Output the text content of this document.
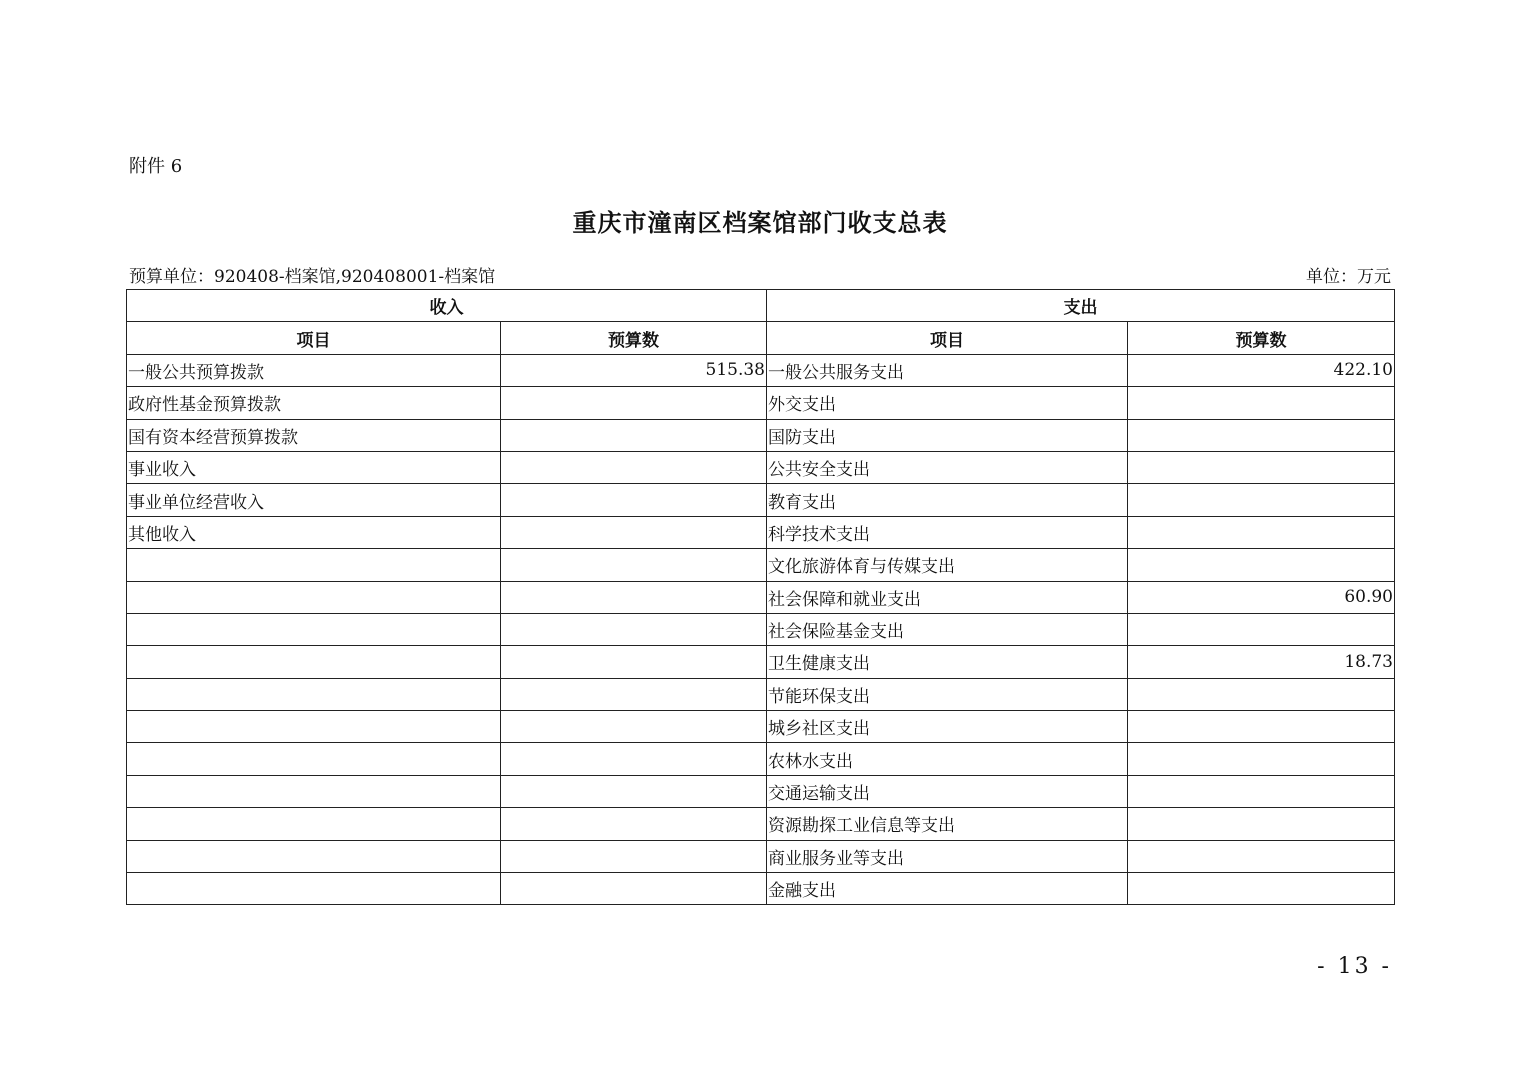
附件 6
重庆市潼南区档案馆部门收支总表
预算单位：920408-档案馆,920408001-档案馆	单位：万元
收入		支出	
项目	预算数	项目	预算数
一般公共预算拨款	515.38	一般公共服务支出	422.10
政府性基金预算拨款		外交支出	
国有资本经营预算拨款		国防支出	
事业收入		公共安全支出	
事业单位经营收入		教育支出	
其他收入		科学技术支出	
		文化旅游体育与传媒支出	
		社会保障和就业支出	60.90
		社会保险基金支出	
		卫生健康支出	18.73
		节能环保支出	
		城乡社区支出	
		农林水支出	
		交通运输支出	
		资源勘探工业信息等支出	
		商业服务业等支出	
		金融支出	
- 13 -
